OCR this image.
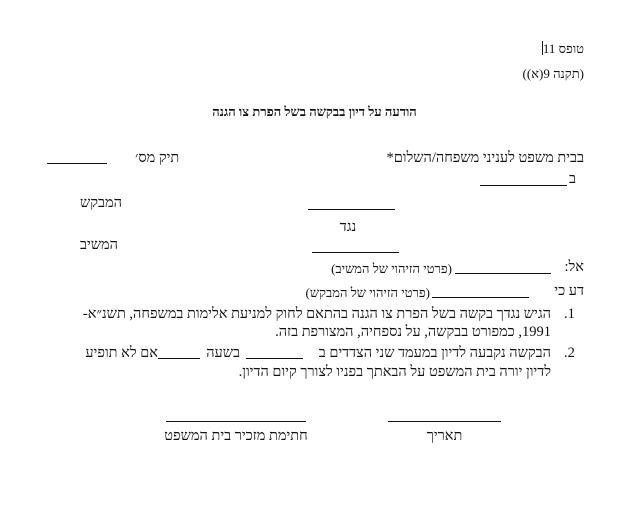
טופס 11
(תקנה 9(א))
הודעה על דיון בבקשה בשל הפרת צו הגנה
בבית משפט לעניני משפחה/השלום*
תיק מס׳
ב
המבקש
נגד
המשיב
אל:
(פרטי הזיהוי של המשיב)
דע כי
(פרטי הזיהוי של המבקש)
.1
הגיש נגדך בקשה בשל הפרת צו הגנה בהתאם לחוק למניעת אלימות במשפחה, תשנ״א-
1991, כמפורט בבקשה, על נספחיה, המצורפת בזה.
.2
הבקשה נקבעה לדיון במעמד שני הצדדים ב
בשעה
אם לא תופיע
לדיון יורה בית המשפט על הבאתך בפניו לצורך קיום הדיון.
חתימת מזכיר בית המשפט	תאריך
